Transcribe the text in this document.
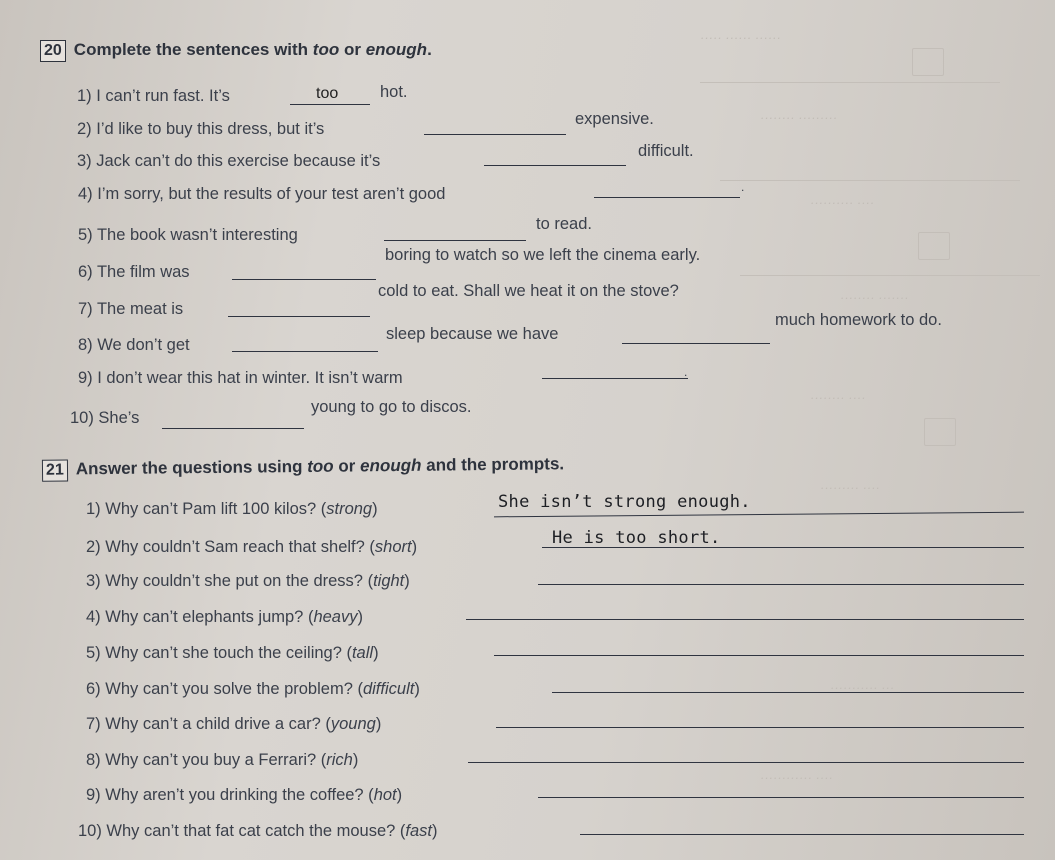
····· ······ ······
········ ·········
·········· ····
········ ·······
········ ····
········· ····
··········· ···
············ ····
20 Complete the sentences with too or enough.
1) I can’t run fast. It’s	too	hot.
2) I’d like to buy this dress, but it’s
expensive.
3) Jack can’t do this exercise because it’s
difficult.
4) I’m sorry, but the results of your test aren’t good	.
5) The book wasn’t interesting
to read.
6) The film was
boring to watch so we left the cinema early.
7) The meat is
cold to eat. Shall we heat it on the stove?
8) We don’t get
sleep because we have
much homework to do.
9) I don’t wear this hat in winter. It isn’t warm	.
10) She’s
young to go to discos.
21 Answer the questions using too or enough and the prompts.
1) Why can’t Pam lift 100 kilos? (strong)	She isn’t strong enough.
2) Why couldn’t Sam reach that shelf? (short)	He is too short.
3) Why couldn’t she put on the dress? (tight)
4) Why can’t elephants jump? (heavy)
5) Why can’t she touch the ceiling? (tall)
6) Why can’t you solve the problem? (difficult)
7) Why can’t a child drive a car? (young)
8) Why can’t you buy a Ferrari? (rich)
9) Why aren’t you drinking the coffee? (hot)
10) Why can’t that fat cat catch the mouse? (fast)
